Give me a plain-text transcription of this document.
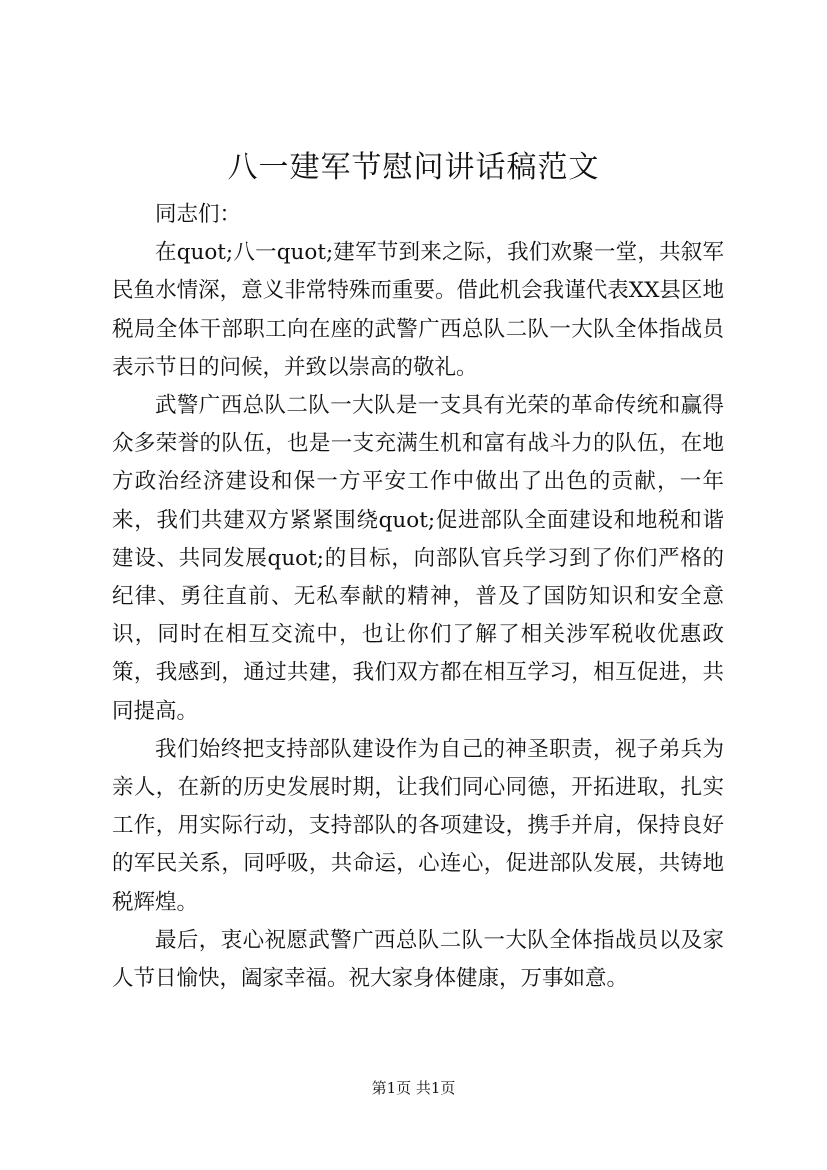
八一建军节慰问讲话稿范文

同志们：

在quot;八一quot;建军节到来之际，我们欢聚一堂，共叙军民鱼水情深，意义非常特殊而重要。借此机会我谨代表XX县区地税局全体干部职工向在座的武警广西总队二队一大队全体指战员表示节日的问候，并致以崇高的敬礼。

武警广西总队二队一大队是一支具有光荣的革命传统和赢得众多荣誉的队伍，也是一支充满生机和富有战斗力的队伍，在地方政治经济建设和保一方平安工作中做出了出色的贡献，一年来，我们共建双方紧紧围绕quot;促进部队全面建设和地税和谐建设、共同发展quot;的目标，向部队官兵学习到了你们严格的纪律、勇往直前、无私奉献的精神，普及了国防知识和安全意识，同时在相互交流中，也让你们了解了相关涉军税收优惠政策，我感到，通过共建，我们双方都在相互学习，相互促进，共同提高。

我们始终把支持部队建设作为自己的神圣职责，视子弟兵为亲人，在新的历史发展时期，让我们同心同德，开拓进取，扎实工作，用实际行动，支持部队的各项建设，携手并肩，保持良好的军民关系，同呼吸，共命运，心连心，促进部队发展，共铸地税辉煌。

最后，衷心祝愿武警广西总队二队一大队全体指战员以及家人节日愉快，阖家幸福。祝大家身体健康，万事如意。

第1页 共1页
